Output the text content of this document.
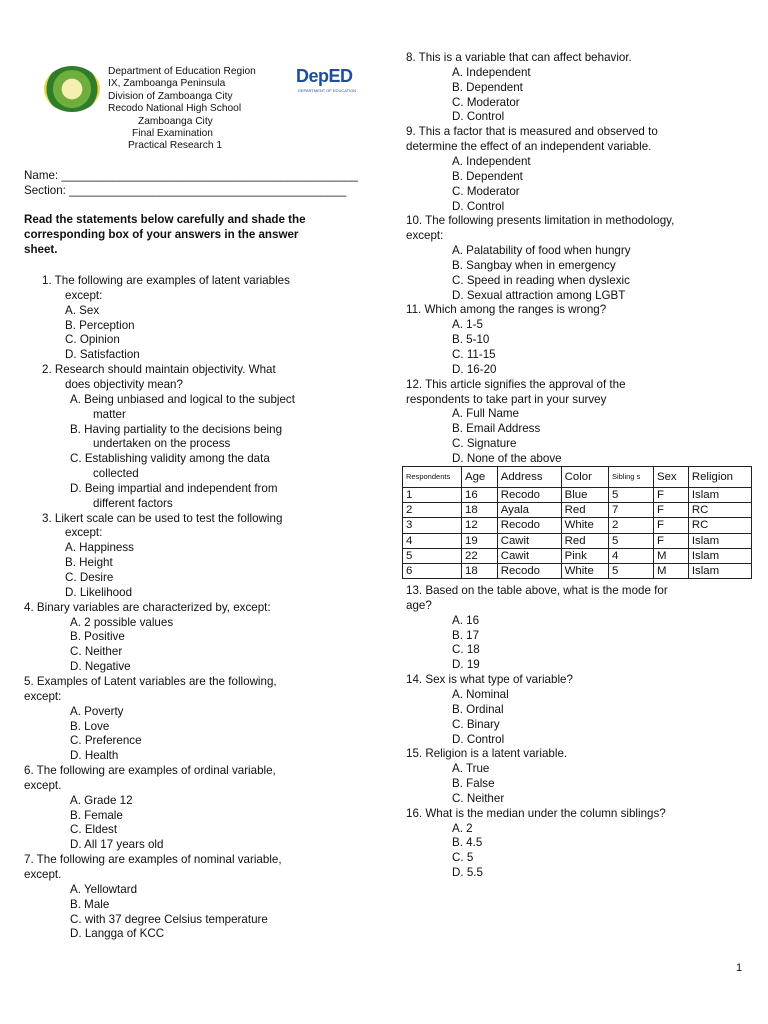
Department of Education Region
IX, Zamboanga Peninsula
Division of Zamboanga City
Recodo National High School
Zamboanga City
Final Examination
Practical Research 1
DepED
DEPARTMENT OF EDUCATION
Name: ______________________________________________
Section: ___________________________________________
Read the statements below carefully and shade the
corresponding box of your answers in the answer
sheet.
1. The following are examples of latent variables
except:
A. Sex
B. Perception
C. Opinion
D. Satisfaction
2. Research should maintain objectivity. What
does objectivity mean?
A. Being unbiased and logical to the subject
matter
B. Having partiality to the decisions being
undertaken on the process
C. Establishing validity among the data
collected
D. Being impartial and independent from
different factors
3. Likert scale can be used to test the following
except:
A. Happiness
B. Height
C. Desire
D. Likelihood
4. Binary variables are characterized by, except:
A. 2 possible values
B. Positive
C. Neither
D. Negative
5. Examples of Latent variables are the following,
except:
A. Poverty
B. Love
C. Preference
D. Health
6. The following are examples of ordinal variable,
except.
A. Grade 12
B. Female
C. Eldest
D. All 17 years old
7. The following are examples of nominal variable,
except.
A. Yellowtard
B. Male
C. with 37 degree Celsius temperature
D. Langga of KCC
8. This is a variable that can affect behavior.
A. Independent
B. Dependent
C. Moderator
D. Control
9. This a factor that is measured and observed to
determine the effect of an independent variable.
A. Independent
B. Dependent
C. Moderator
D. Control
10. The following presents limitation in methodology,
except:
A. Palatability of food when hungry
B. Sangbay when in emergency
C. Speed in reading when dyslexic
D. Sexual attraction among LGBT
11. Which among the ranges is wrong?
A. 1-5
B. 5-10
C. 11-15
D. 16-20
12. This article signifies the approval of the
respondents to take part in your survey
A. Full Name
B. Email Address
C. Signature
D. None of the above
Respondents	Age	Address	Color	Sibling s	Sex	Religion
1	16	Recodo	Blue	5	F	Islam
2	18	Ayala	Red	7	F	RC
3	12	Recodo	White	2	F	RC
4	19	Cawit	Red	5	F	Islam
5	22	Cawit	Pink	4	M	Islam
6	18	Recodo	White	5	M	Islam
13. Based on the table above, what is the mode for
age?
A. 16
B. 17
C. 18
D. 19
14. Sex is what type of variable?
A. Nominal
B. Ordinal
C. Binary
D. Control
15. Religion is a latent variable.
A. True
B. False
C. Neither
16. What is the median under the column siblings?
A. 2
B. 4.5
C. 5
D. 5.5
1
